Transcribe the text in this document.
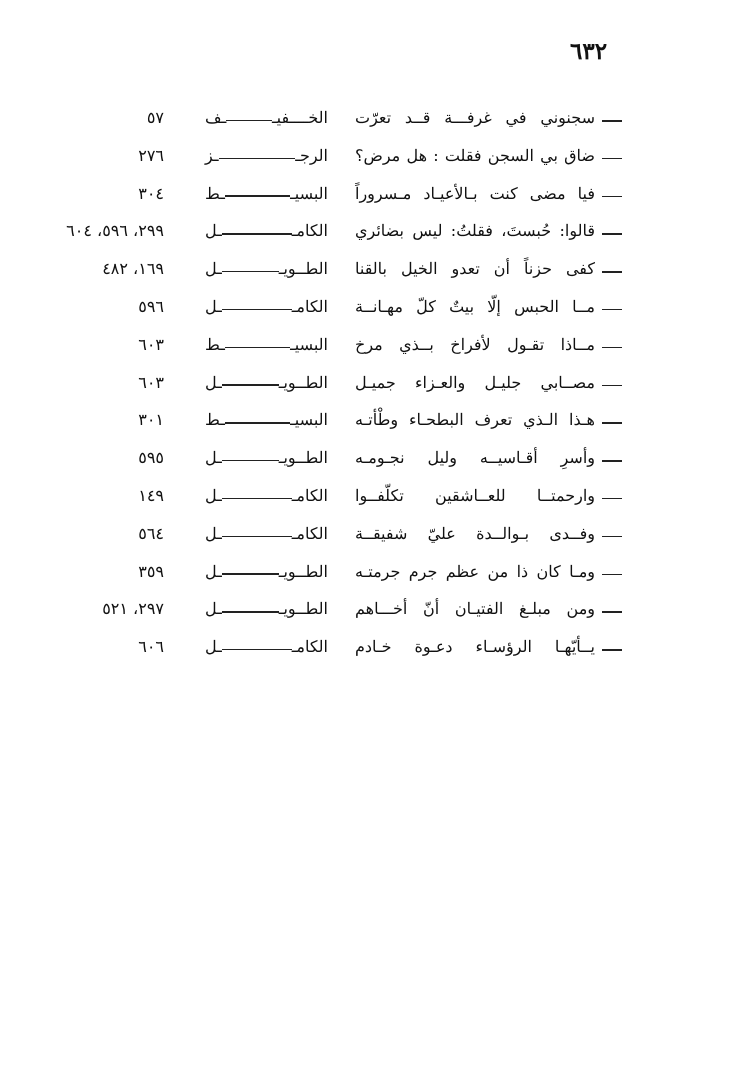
٦٣٢
سجنوني في غرفـــة قــد تعرّت
الخــــفيـ
ـف
٥٧
ضاق بي السجن فقلت : هل مرض؟
الرجـ
ـز
٢٧٦
فيا مضى كنت بـالأعيـاد مـسروراً
البسيـ
ـط
٣٠٤
قالوا: حُبستَ، فقلتُ: ليس بضائري
الكامـ
ـل
٢٩٩، ٥٩٦، ٦٠٤
كفى حزناً أن تعدو الخيل بالقنا
الطــويـ
ـل
١٦٩، ٤٨٢
مــا الحبس إلّا بيتٌ كلّ مهـانــة
الكامـ
ـل
٥٩٦
مــاذا تقـول لأفراخ بــذي مرخ
البسيـ
ـط
٦٠٣
مصــابي جليـل والعـزاء جميـل
الطــويـ
ـل
٦٠٣
هـذا الـذي تعرف البطحـاء وطْأتـه
البسيـ
ـط
٣٠١
وأسرِ أقـاسيــه وليل نجـومـه
الطــويـ
ـل
٥٩٥
وارحمتــا للعــاشقين تكلّفــوا
الكامـ
ـل
١٤٩
وفــدى بـوالــدة عليّ شفيقــة
الكامـ
ـل
٥٦٤
ومـا كان ذا من عظم جرم جرمتـه
الطــويـ
ـل
٣٥٩
ومن مبلـغ الفتيـان أنّ أخـــاهم
الطــويـ
ـل
٢٩٧، ٥٢١
يــأيّهـا الرؤسـاء دعـوة خـادم
الكامـ
ـل
٦٠٦
